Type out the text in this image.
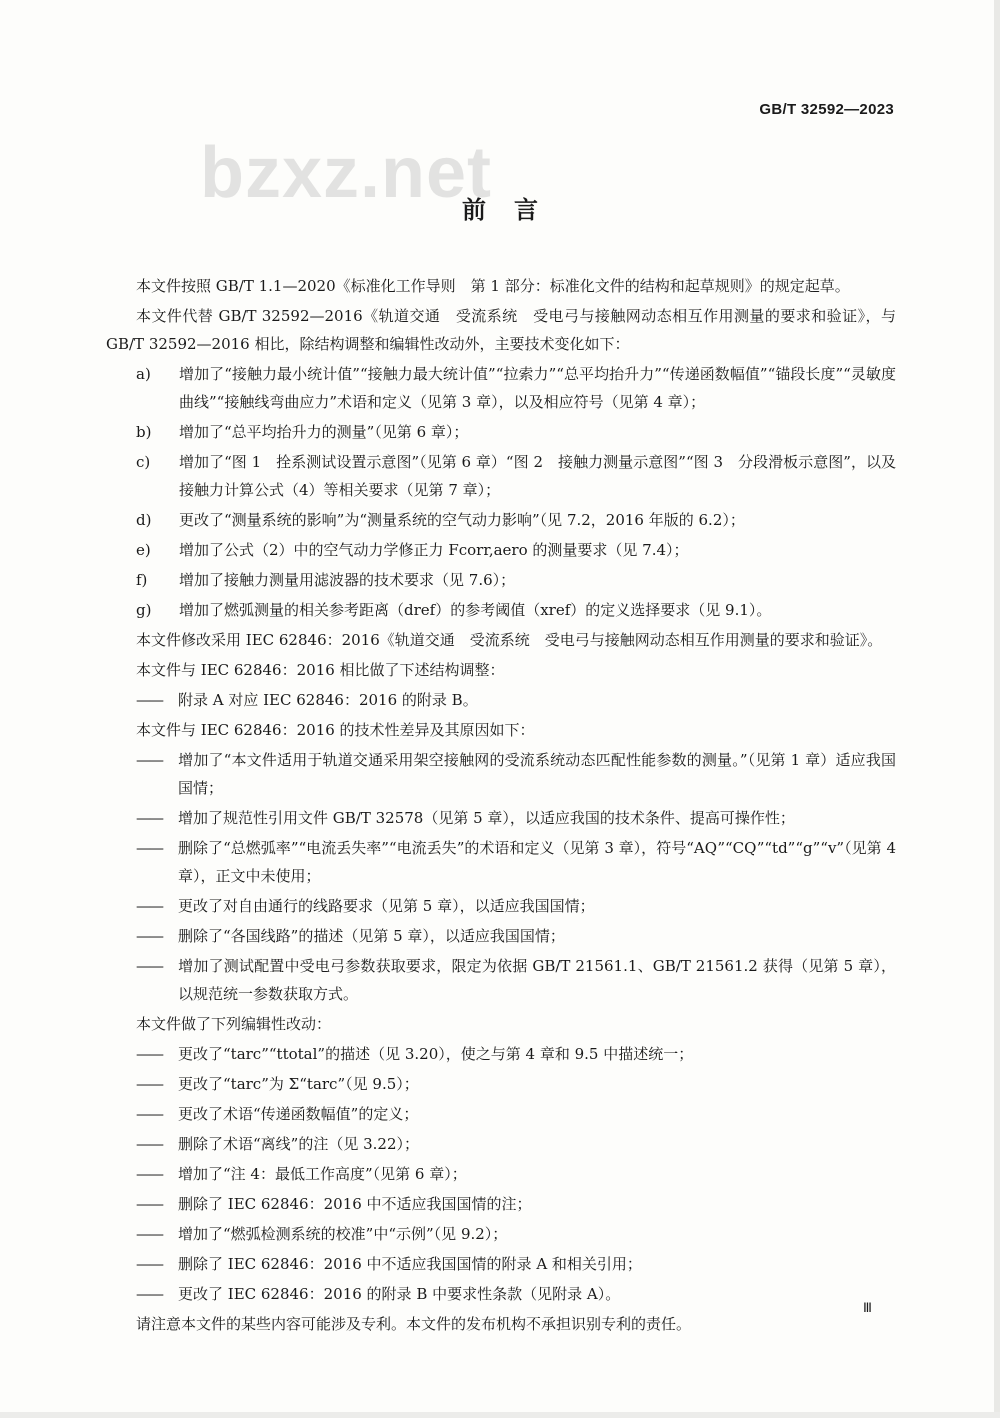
GB/T 32592—2023
bzxz.net
前言

本文件按照 GB/T 1.1—2020《标准化工作导则　第 1 部分：标准化文件的结构和起草规则》的规定起草。

本文件代替 GB/T 32592—2016《轨道交通　受流系统　受电弓与接触网动态相互作用测量的要求和验证》，与 GB/T 32592—2016 相比，除结构调整和编辑性改动外，主要技术变化如下：

a) 增加了“接触力最小统计值”“接触力最大统计值”“拉索力”“总平均抬升力”“传递函数幅值”“锚段长度”“灵敏度曲线”“接触线弯曲应力”术语和定义（见第 3 章），以及相应符号（见第 4 章）；
b) 增加了“总平均抬升力的测量”（见第 6 章）；
c) 增加了“图 1　拴系测试设置示意图”（见第 6 章）“图 2　接触力测量示意图”“图 3　分段滑板示意图”，以及接触力计算公式（4）等相关要求（见第 7 章）；
d) 更改了“测量系统的影响”为“测量系统的空气动力影响”（见 7.2，2016 年版的 6.2）；
e) 增加了公式（2）中的空气动力学修正力 Fcorr,aero 的测量要求（见 7.4）；
f) 增加了接触力测量用滤波器的技术要求（见 7.6）；
g) 增加了燃弧测量的相关参考距离（dref）的参考阈值（xref）的定义选择要求（见 9.1）。

本文件修改采用 IEC 62846：2016《轨道交通　受流系统　受电弓与接触网动态相互作用测量的要求和验证》。

本文件与 IEC 62846：2016 相比做了下述结构调整：

—— 附录 A 对应 IEC 62846：2016 的附录 B。

本文件与 IEC 62846：2016 的技术性差异及其原因如下：

—— 增加了“本文件适用于轨道交通采用架空接触网的受流系统动态匹配性能参数的测量。”（见第 1 章）适应我国国情；
—— 增加了规范性引用文件 GB/T 32578（见第 5 章），以适应我国的技术条件、提高可操作性；
—— 删除了“总燃弧率”“电流丢失率”“电流丢失”的术语和定义（见第 3 章），符号“AQ”“CQ”“td”“g”“v”（见第 4 章），正文中未使用；
—— 更改了对自由通行的线路要求（见第 5 章），以适应我国国情；
—— 删除了“各国线路”的描述（见第 5 章），以适应我国国情；
—— 增加了测试配置中受电弓参数获取要求，限定为依据 GB/T 21561.1、GB/T 21561.2 获得（见第 5 章），以规范统一参数获取方式。

本文件做了下列编辑性改动：

—— 更改了“tarc”“ttotal”的描述（见 3.20），使之与第 4 章和 9.5 中描述统一；
—— 更改了“tarc”为 Σ“tarc”（见 9.5）；
—— 更改了术语“传递函数幅值”的定义；
—— 删除了术语“离线”的注（见 3.22）；
—— 增加了“注 4：最低工作高度”（见第 6 章）；
—— 删除了 IEC 62846：2016 中不适应我国国情的注；
—— 增加了“燃弧检测系统的校准”中“示例”（见 9.2）；
—— 删除了 IEC 62846：2016 中不适应我国国情的附录 A 和相关引用；
—— 更改了 IEC 62846：2016 的附录 B 中要求性条款（见附录 A）。

请注意本文件的某些内容可能涉及专利。本文件的发布机构不承担识别专利的责任。

Ⅲ
